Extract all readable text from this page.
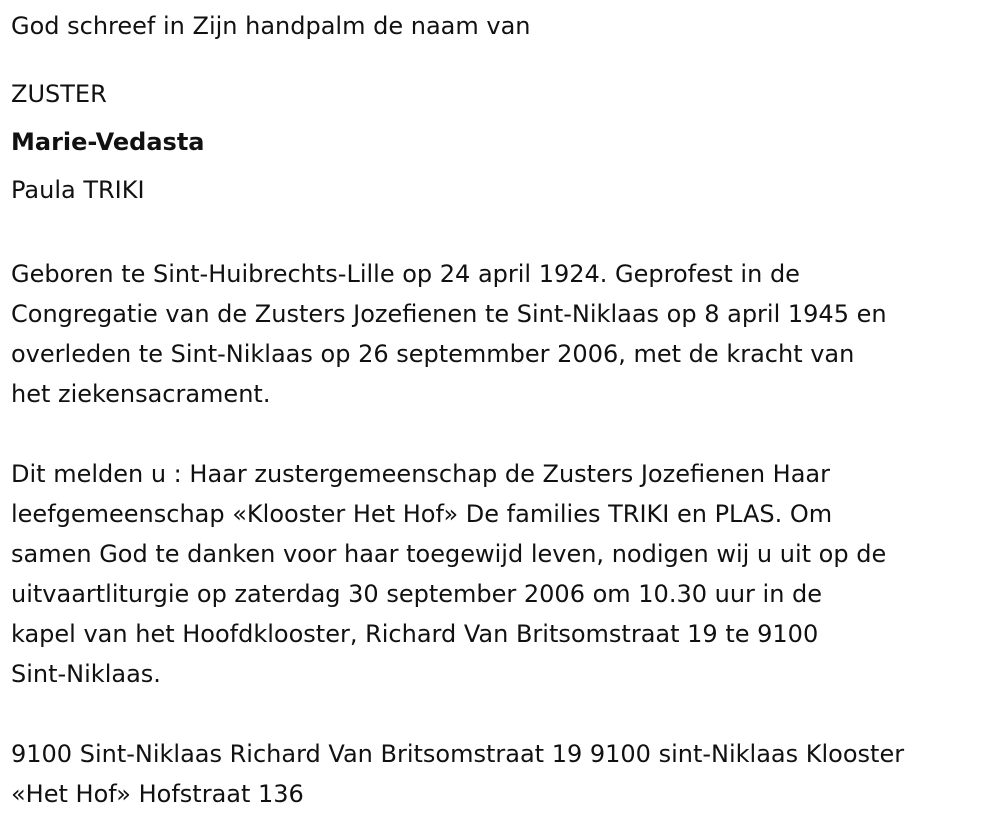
God schreef in Zijn handpalm de naam van
ZUSTER
Marie-Vedasta
Paula TRIKI
Geboren te Sint-Huibrechts-Lille op 24 april 1924. Geprofest in de
Congregatie van de Zusters Jozefienen te Sint-Niklaas op 8 april 1945 en
overleden te Sint-Niklaas op 26 septemmber 2006, met de kracht van
het ziekensacrament.
Dit melden u : Haar zustergemeenschap de Zusters Jozefienen Haar
leefgemeenschap «Klooster Het Hof» De families TRIKI en PLAS. Om
samen God te danken voor haar toegewijd leven, nodigen wij u uit op de
uitvaartliturgie op zaterdag 30 september 2006 om 10.30 uur in de
kapel van het Hoofdklooster, Richard Van Britsomstraat 19 te 9100
Sint-Niklaas.
9100 Sint-Niklaas Richard Van Britsomstraat 19 9100 sint-Niklaas Klooster
«Het Hof» Hofstraat 136
